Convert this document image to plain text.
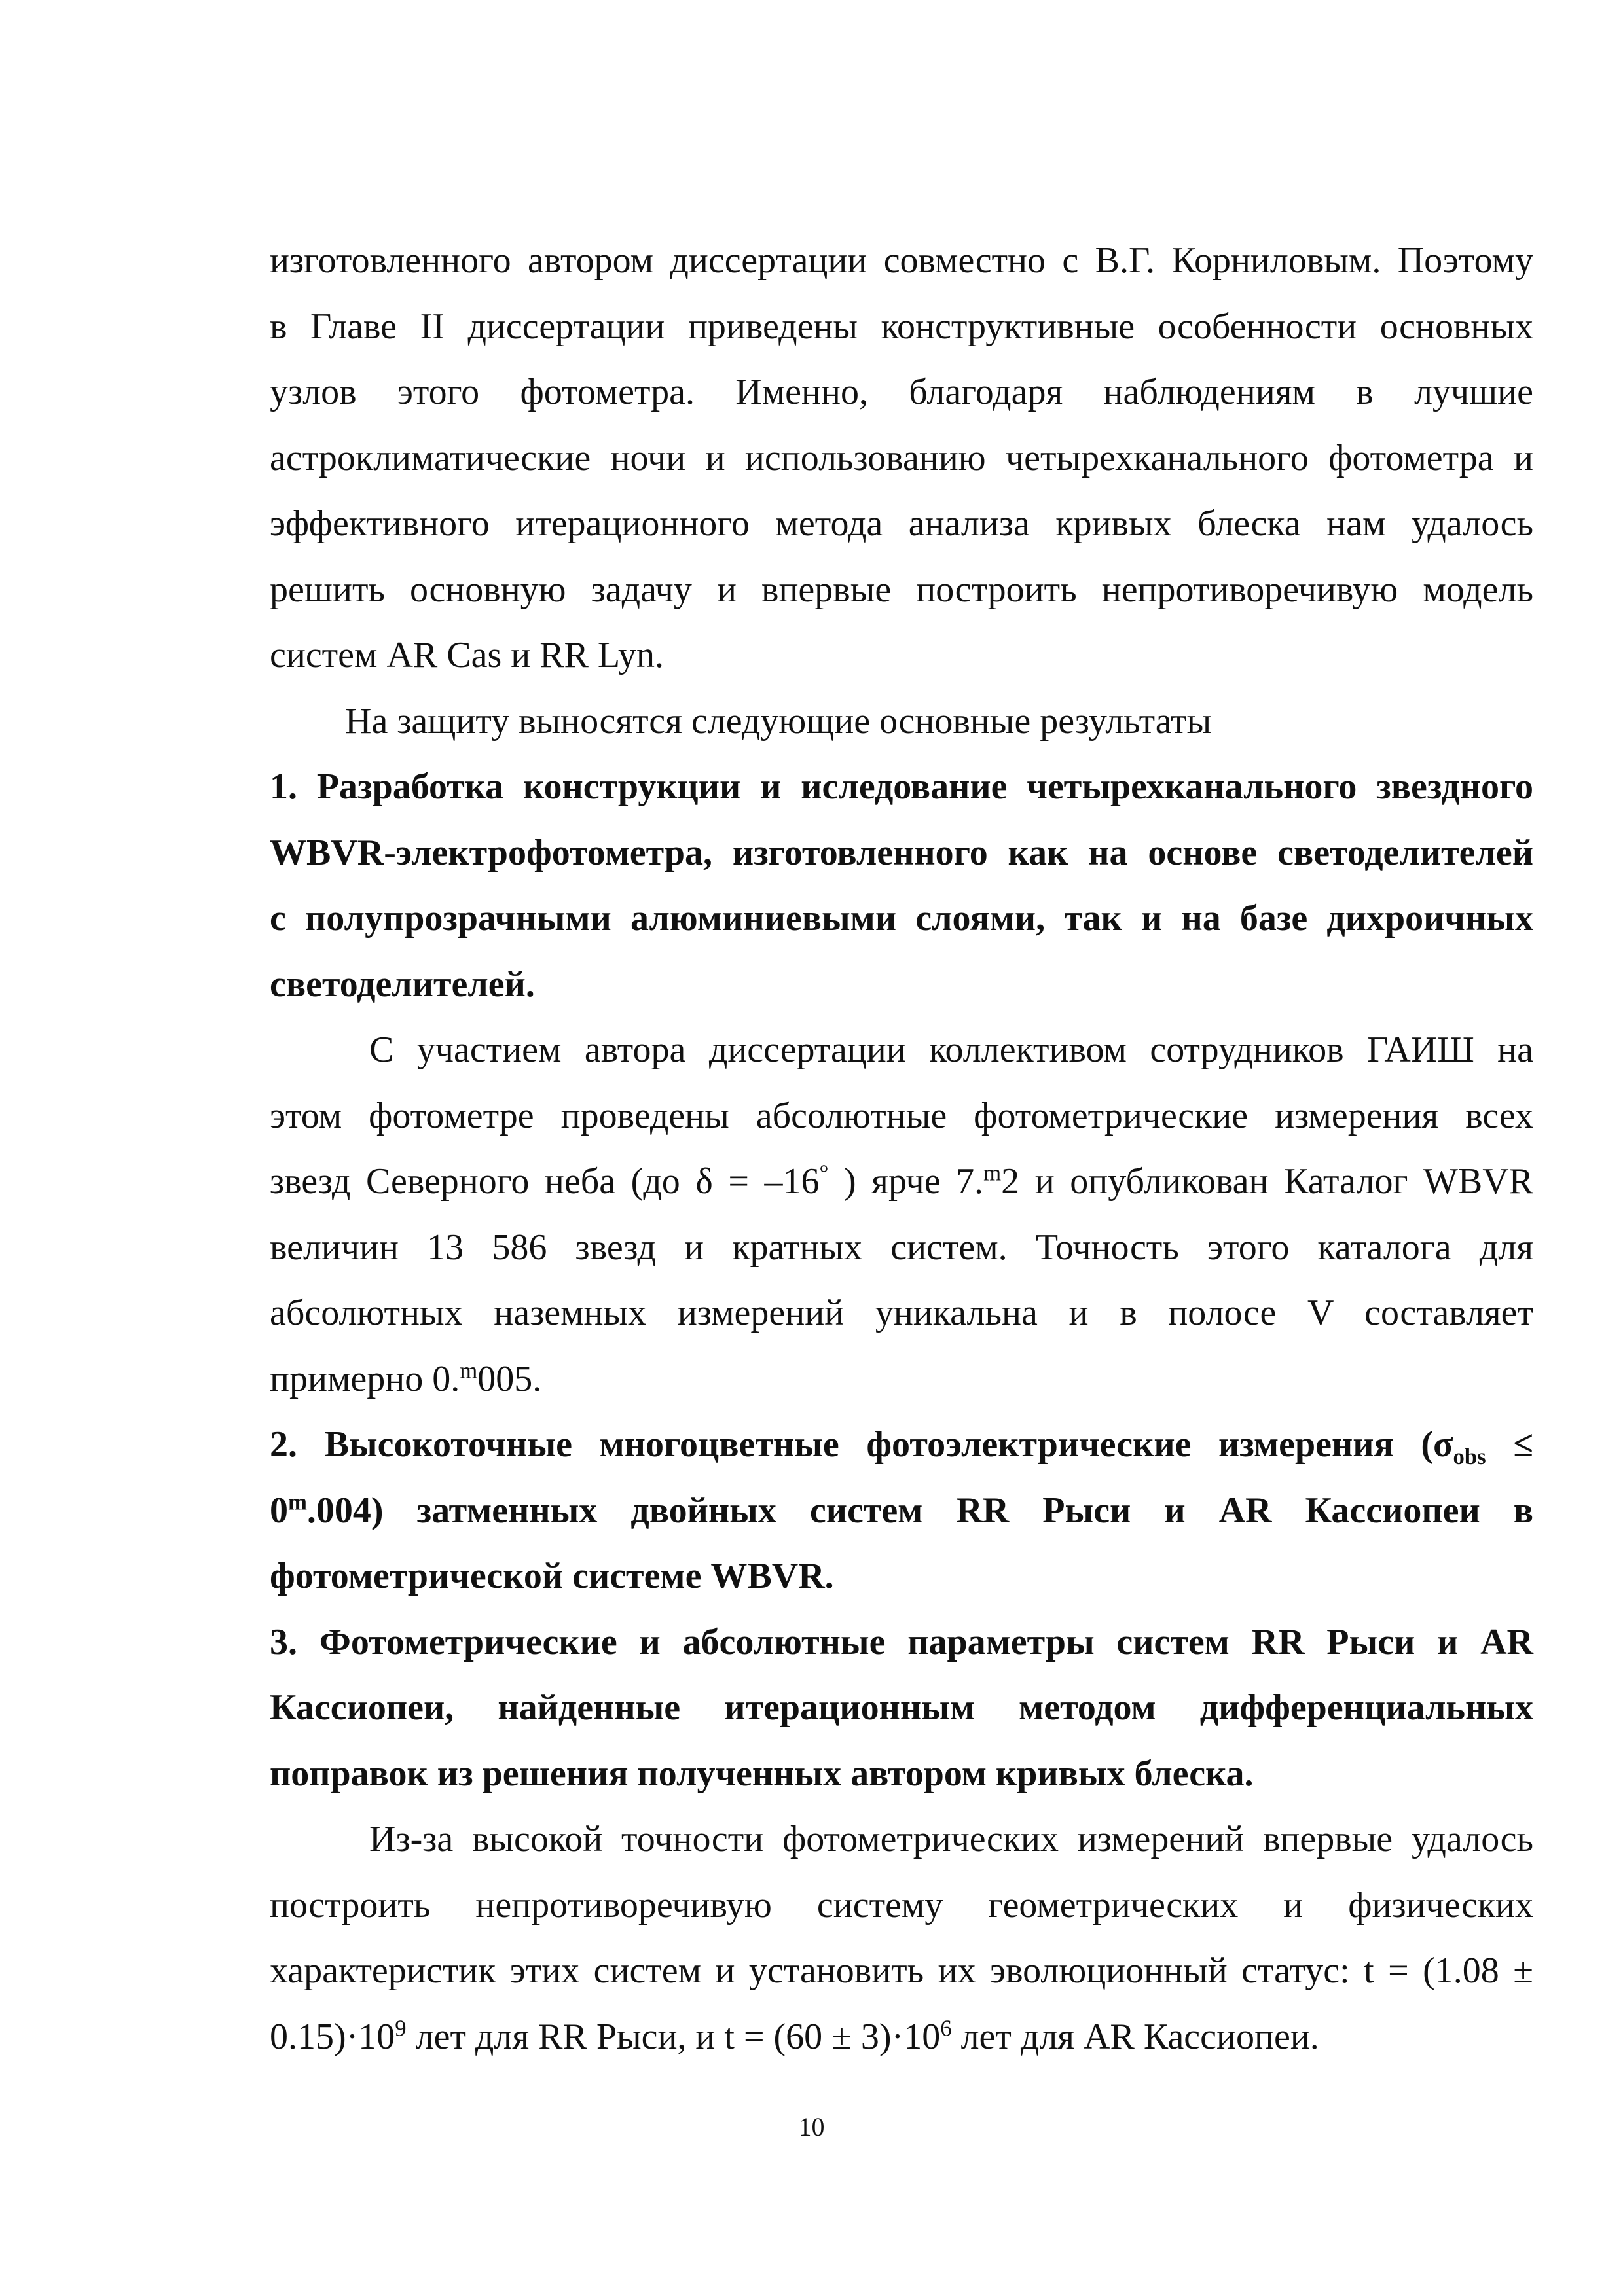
изготовленного автором диссертации совместно с В.Г. Корниловым. Поэтому
в Главе II диссертации приведены конструктивные особенности основных
узлов этого фотометра. Именно, благодаря наблюдениям в лучшие
астроклиматические ночи и использованию четырехканального фотометра и
эффективного итерационного метода анализа кривых блеска нам удалось
решить основную задачу и впервые построить непротиворечивую модель
систем AR Cas и RR Lyn.
На защиту выносятся следующие основные результаты
1. Разработка конструкции и иследование четырехканального звездного
WBVR-электрофотометра, изготовленного как на основе светоделителей
с полупрозрачными алюминиевыми слоями, так и на базе дихроичных
светоделителей.
С участием автора диссертации коллективом сотрудников ГАИШ на
этом фотометре проведены абсолютные фотометрические измерения всех
звезд Северного неба (до δ = –16° ) ярче 7.$^m$2 и опубликован Каталог WBVR
величин 13 586 звезд и кратных систем. Точность этого каталога для
абсолютных наземных измерений уникальна и в полосе V составляет
примерно 0.$^m$005.
2. Высокоточные многоцветные фотоэлектрические измерения ($\sigma_{obs}$ ≤
$0^m.004$) затменных двойных систем RR Рыси и AR Кассиопеи в
фотометрической системе WBVR.
3. Фотометрические и абсолютные параметры систем RR Рыси и AR
Кассиопеи, найденные итерационным методом дифференциальных
поправок из решения полученных автором кривых блеска.
Из-за высокой точности фотометрических измерений впервые удалось
построить непротиворечивую систему геометрических и физических
характеристик этих систем и установить их эволюционный статус: t = (1.08 ±
$0.15)\cdot 10^9$ лет для RR Рыси, и $t = (60 \pm 3)\cdot 10^6$ лет для AR Кассиопеи.
10
